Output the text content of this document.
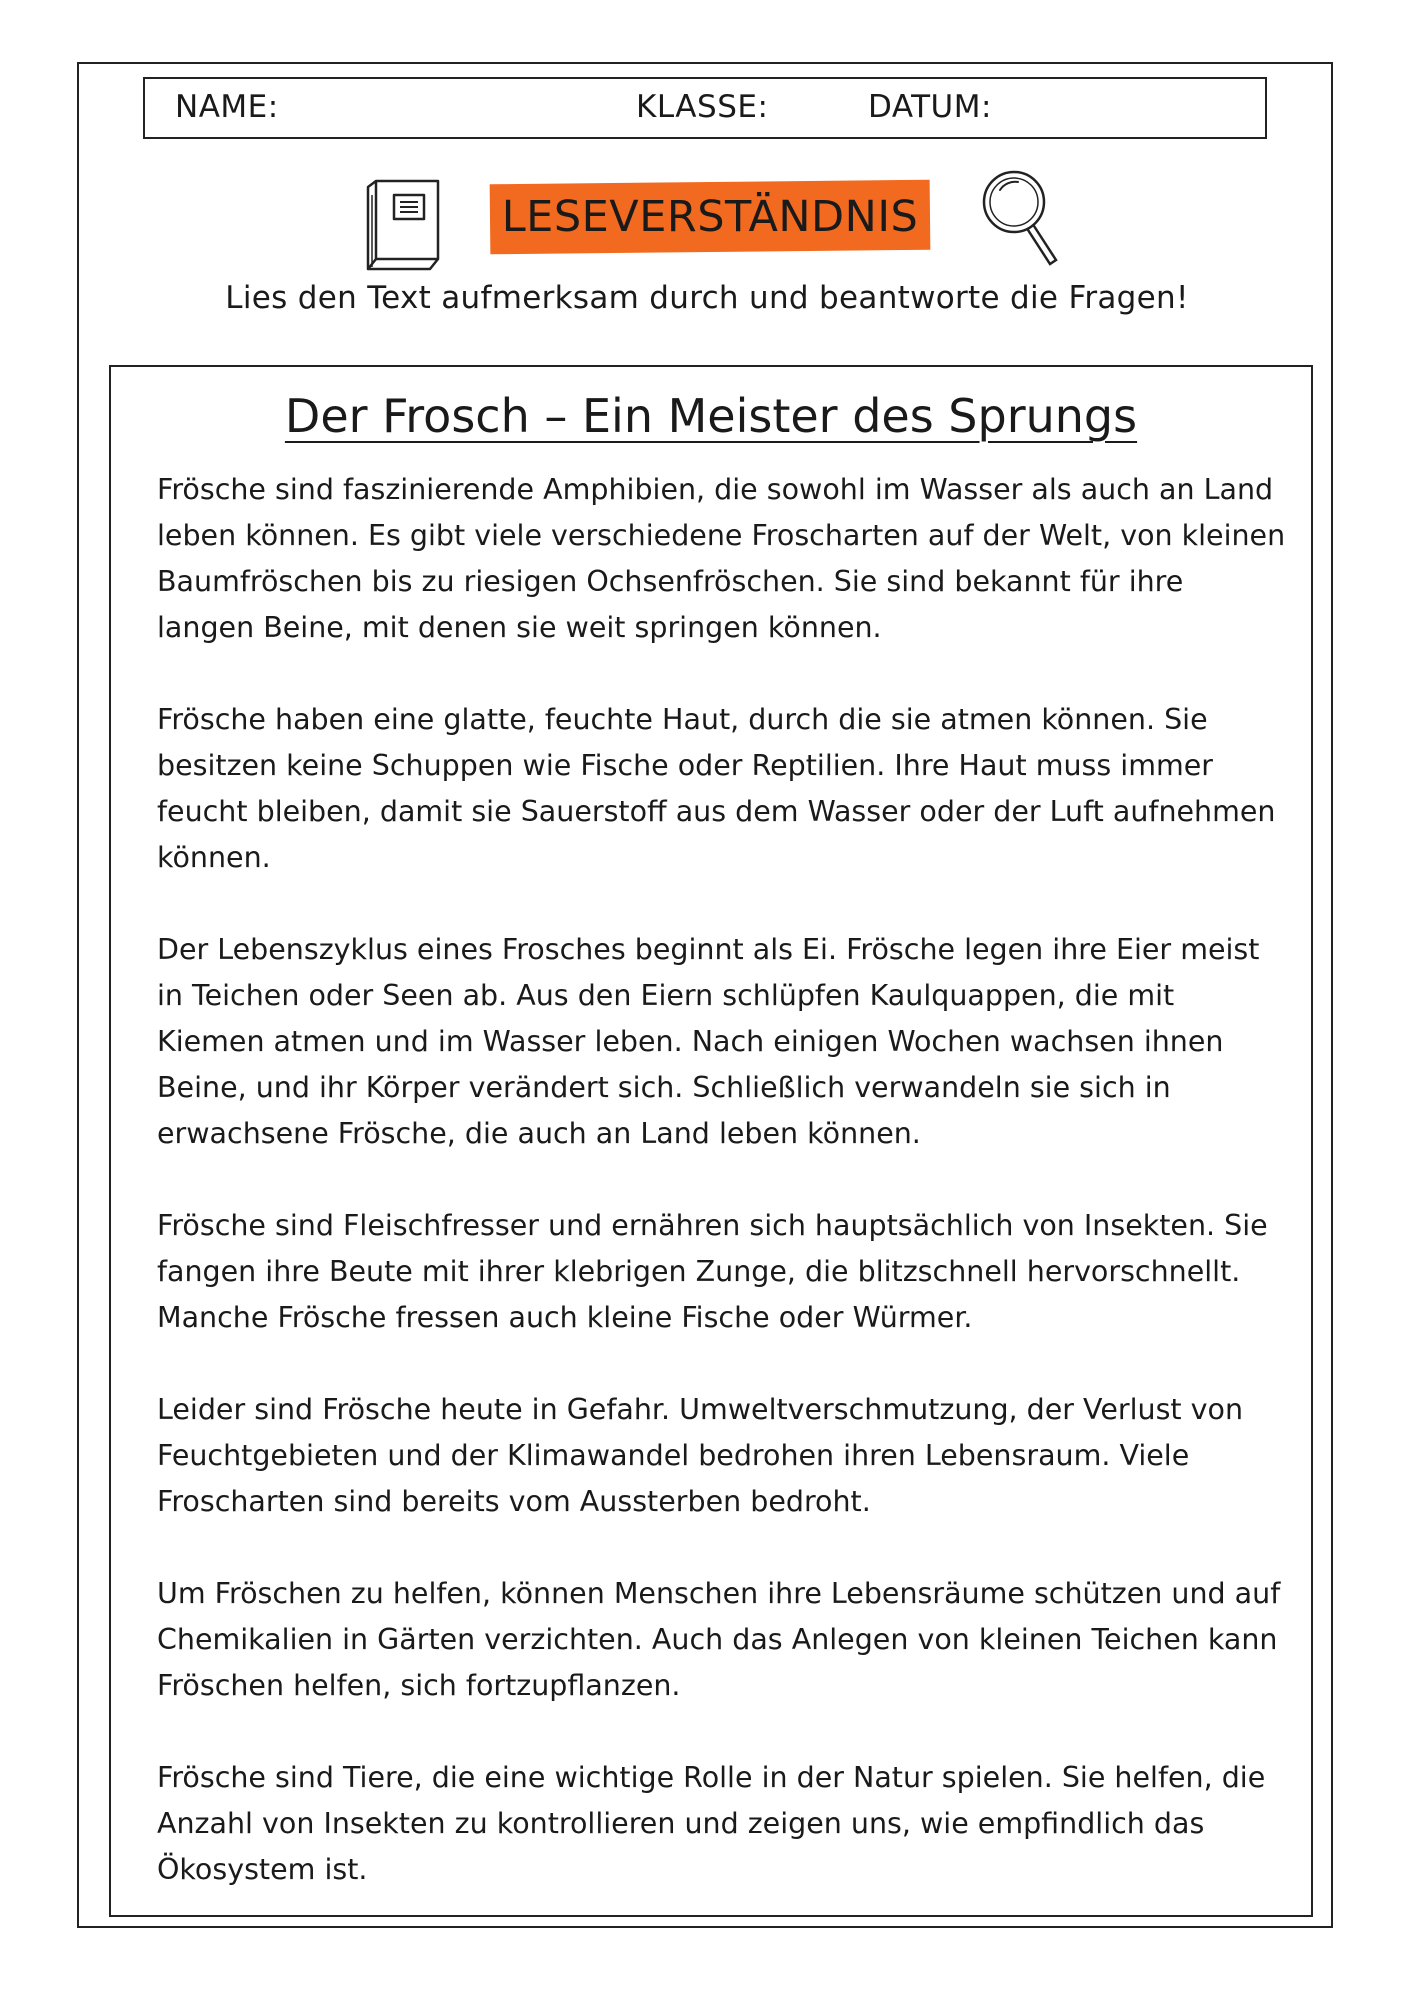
NAME:	KLASSE:	DATUM:
LESEVERSTÄNDNIS
Lies den Text aufmerksam durch und beantworte die Fragen!
Der Frosch – Ein Meister des Sprungs

Frösche sind faszinierende Amphibien, die sowohl im Wasser als auch an Land leben können. Es gibt viele verschiedene Froscharten auf der Welt, von kleinen Baumfröschen bis zu riesigen Ochsenfröschen. Sie sind bekannt für ihre langen Beine, mit denen sie weit springen können.

Frösche haben eine glatte, feuchte Haut, durch die sie atmen können. Sie besitzen keine Schuppen wie Fische oder Reptilien. Ihre Haut muss immer feucht bleiben, damit sie Sauerstoff aus dem Wasser oder der Luft aufnehmen können.

Der Lebenszyklus eines Frosches beginnt als Ei. Frösche legen ihre Eier meist in Teichen oder Seen ab. Aus den Eiern schlüpfen Kaulquappen, die mit Kiemen atmen und im Wasser leben. Nach einigen Wochen wachsen ihnen Beine, und ihr Körper verändert sich. Schließlich verwandeln sie sich in erwachsene Frösche, die auch an Land leben können.

Frösche sind Fleischfresser und ernähren sich hauptsächlich von Insekten. Sie fangen ihre Beute mit ihrer klebrigen Zunge, die blitzschnell hervorschnellt. Manche Frösche fressen auch kleine Fische oder Würmer.

Leider sind Frösche heute in Gefahr. Umweltverschmutzung, der Verlust von Feuchtgebieten und der Klimawandel bedrohen ihren Lebensraum. Viele Froscharten sind bereits vom Aussterben bedroht.

Um Fröschen zu helfen, können Menschen ihre Lebensräume schützen und auf Chemikalien in Gärten verzichten. Auch das Anlegen von kleinen Teichen kann Fröschen helfen, sich fortzupflanzen.

Frösche sind Tiere, die eine wichtige Rolle in der Natur spielen. Sie helfen, die Anzahl von Insekten zu kontrollieren und zeigen uns, wie empfindlich das Ökosystem ist.
